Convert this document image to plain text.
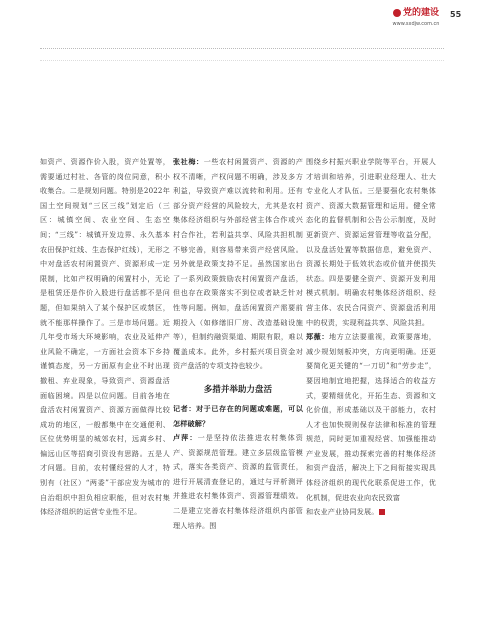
党的建设
www.sxdjw.com.cn
55

如资产、资源作价入股，资产处置等，需要通过村社、各管的岗位同意，积小收集合。二是规划问题。特别是2022年国土空间规划“三区三线”划定后（三区：城镇空间、农业空间、生态空间；“三线”：城镇开发边界、永久基本农田保护红线、生态保护红线），无形之中对盘活农村闲置资产、资源形成一定限制，比如产权明确的闲置村小，无论是租赁还是作价入股进行盘活都不是问题，但如果纳入了某个保护区或禁区，就不能那样操作了。三是市场问题。近几年受市场大环境影响，农业及延伸产业风险不确定，一方面社会资本下乡持谨慎态度，另一方面原有企业不时出现撤租、弃业现象，导致资产、资源盘活面临困境。四是以位问题。目前各地在盘活农村闲置资产、资源方面做得比较成功的地区，一般都集中在交通便利、区位优势明显的城郊农村，远离乡村、偏远山区等招商引资没有思路。五是人才问题。目前，农村懂经营的人才，特别有（社区）“两委”干部应发为城市的自治组织中担负相应职能，但对农村集体经济组织的运营专业性不足。

张社梅：一些农村闲置资产、资源的产权不清晰，产权问题不明确，涉及多方利益，导致资产难以流转和利用。还有部分资产经营的风险较大，尤其是农村集体经济组织与外部经营主体合作或兴村合作社，若利益共享、风险共担机制不够完善，则容易带来资产经营风险。另外就是政策支持不足。虽然国家出台了一系列政策鼓励农村闲置资产盘活，但也存在政策落实不到位或者缺乏针对性等问题。例如，盘活闲置资产需要前期投入（如修缮旧厂房、改造基础设施等），但制约融资渠道、期限有限，难以覆盖成本。此外，乡村振兴项目资金对资产盘活的专项支持也较少。

多措并举助力盘活

记者：对于已存在的问题或难题，可以怎样破解？

卢萍：一是坚持依法推进农村集体资产、资源规范管理。建立多层级监管模式，落实各类资产、资源的监管责任，进行开展清查登记的，通过与评析测评并推进农村集体资产、资源管理绩效。二是建立完善农村集体经济组织内部管理人培养。围

围绕乡村振兴职业学院等平台，开展人才培训和培养，引进职业经理人、壮大专业化人才队伍。三是要强化农村集体资产、资源大数据管理和运用。健全常态化的监督机制和公告公示制度，及时更新资产、资源运营管理等收益分配，以及盘活处置等数据信息，避免资产、资源长期处于低效状态或价值并使损失状态。四是要健全资产、资源开发利用模式机制。明确农村集体经济组织、经营主体、农民合同资产、资源盘活利用中的权责，实现利益共享、风险共担。

郑薇：地方立法要重视，政策要落地，减少规划刻板冲突，方向更明确。还更要简化更关键的“一刀切”和“劳步走”，要因地制宜地把握，选择适合的收益方式，要精细优化，开拓生态、资源和文化价值，形成基础以及干部能力，农村人才也加快规则保存法律和标准的管理规范，同时更加重视经营、加强能推动产业发展，推动探索完善的村集体经济和资产盘活，解决上下之间衔接实现具体经济组织的现代化联系促进工作，优化机制，促进农业向农民致富

和农业产业协同发展。
